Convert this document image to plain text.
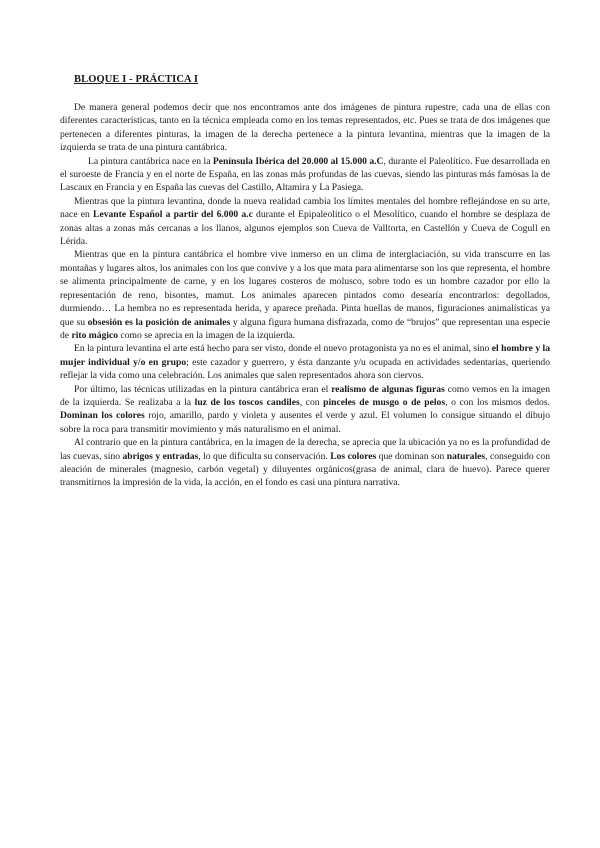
BLOQUE I - PRÁCTICA I

De manera general podemos decir que nos encontramos ante dos imágenes de pintura rupestre, cada una de ellas con diferentes características, tanto en la técnica empleada como en los temas representados, etc. Pues se trata de dos imágenes que pertenecen a diferentes pinturas, la imagen de la derecha pertenece a la pintura levantina, mientras que la imagen de la izquierda se trata de una pintura cantábrica.

La pintura cantábrica nace en la Península Ibérica del 20.000 al 15.000 a.C, durante el Paleolítico. Fue desarrollada en el suroeste de Francia y en el norte de España, en las zonas más profundas de las cuevas, siendo las pinturas más famosas la de Lascaux en Francia y en España las cuevas del Castillo, Altamira y La Pasiega.

Mientras que la pintura levantina, donde la nueva realidad cambia los límites mentales del hombre reflejándose en su arte, nace en Levante Español a partir del 6.000 a.c durante el Epipaleolítico o el Mesolítico, cuando el hombre se desplaza de zonas altas a zonas más cercanas a los llanos, algunos ejemplos son Cueva de Valltorta, en Castellón y Cueva de Cogull en Lérida.

Mientras que en la pintura cantábrica el hombre vive inmerso en un clima de interglaciación, su vida transcurre en las montañas y lugares altos, los animales con los que convive y a los que mata para alimentarse son los que representa, el hombre se alimenta principalmente de carne, y en los lugares costeros de molusco, sobre todo es un hombre cazador por ello la representación de reno, bisontes, mamut. Los animales aparecen pintados como desearía encontrarlos: degollados, durmiendo… La hembra no es representada herida, y aparece preñada. Pinta huellas de manos, figuraciones animalísticas ya que su obsesión es la posición de animales y alguna figura humana disfrazada, como de “brujos” que representan una especie de rito mágico como se aprecia en la imagen de la izquierda.

En la pintura levantina el arte está hecho para ser visto, donde el nuevo protagonista ya no es el animal, sino el hombre y la mujer individual y/o en grupo; este cazador y guerrero, y ésta danzante y/u ocupada en actividades sedentarias, queriendo reflejar la vida como una celebración. Los animales que salen representados ahora son ciervos.

Por último, las técnicas utilizadas en la pintura cantábrica eran el realismo de algunas figuras como vemos en la imagen de la izquierda. Se realizaba a la luz de los toscos candiles, con pinceles de musgo o de pelos, o con los mismos dedos. Dominan los colores rojo, amarillo, pardo y violeta y ausentes el verde y azul. El volumen lo consigue situando el dibujo sobre la roca para transmitir movimiento y más naturalismo en el animal.

Al contrario que en la pintura cantábrica, en la imagen de la derecha, se aprecia que la ubicación ya no es la profundidad de las cuevas, sino abrigos y entradas, lo que dificulta su conservación. Los colores que dominan son naturales, conseguido con aleación de minerales (magnesio, carbón vegetal) y diluyentes orgánicos(grasa de animal, clara de huevo). Parece querer transmitirnos la impresión de la vida, la acción, en el fondo es casi una pintura narrativa.
